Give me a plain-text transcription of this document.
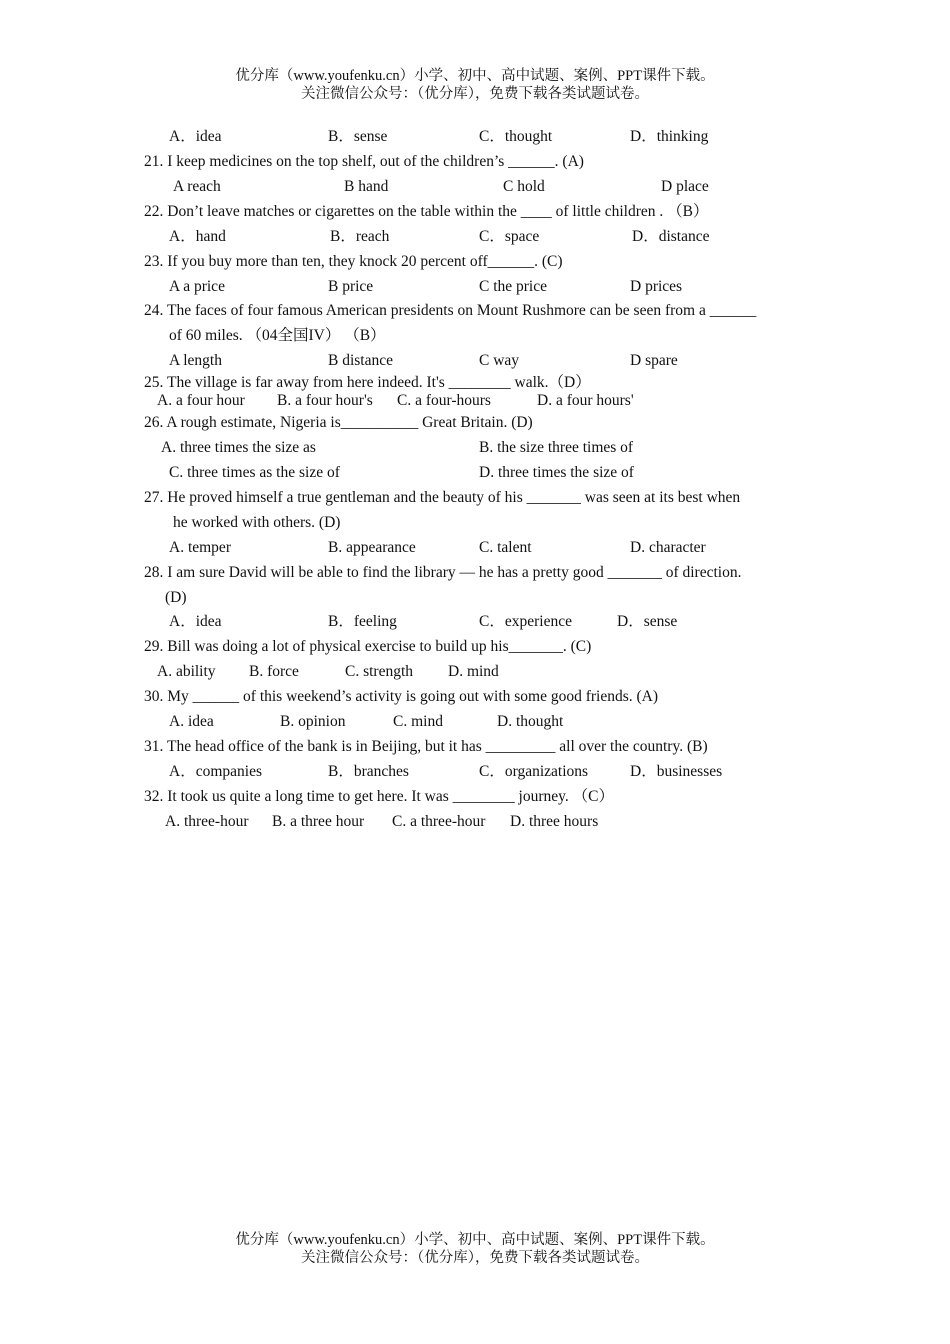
优分库（www.youfenku.cn）小学、初中、高中试题、案例、PPT课件下载。
关注微信公众号：（优分库），免费下载各类试题试卷。
A．idea	B．sense	C．thought	D．thinking
21. I keep medicines on the top shelf, out of the children’s ______. (A)
A reach	B hand	C hold	D place
22. Don’t leave matches or cigarettes on the table within the ____ of little children . （B）
A．hand	B．reach	C．space	D．distance
23. If you buy more than ten, they knock 20 percent off______. (C)
A a price	B price	C the price	D prices
24. The faces of four famous American presidents on Mount Rushmore can be seen from a ______
of 60 miles. （04全国IV） （B）
A length	B distance	C way	D spare
25. The village is far away from here indeed. It's ________ walk.（D）
A. a four hour B. a four hour's C. a four-hours	D. a four hours'
26. A rough estimate, Nigeria is__________ Great Britain. (D)
A. three times the size as	B. the size three times of
C. three times as the size of	D. three times the size of
27. He proved himself a true gentleman and the beauty of his _______ was seen at its best when
he worked with others. (D)
A. temper	B. appearance	C. talent	D. character
28. I am sure David will be able to find the library — he has a pretty good _______ of direction.
(D)
A．idea	B．feeling	C．experience	D．sense
29. Bill was doing a lot of physical exercise to build up his_______. (C)
A. ability B. force	C. strength D. mind
30. My ______ of this weekend’s activity is going out with some good friends. (A)
A. idea	B. opinion	C. mind	D. thought
31. The head office of the bank is in Beijing, but it has _________ all over the country. (B)
A．companies	B．branches	C．organizations	D．businesses
32. It took us quite a long time to get here. It was ________ journey. （C）
A. three-hour B. a three hour C. a three-hour D. three hours
优分库（www.youfenku.cn）小学、初中、高中试题、案例、PPT课件下载。
关注微信公众号：（优分库），免费下载各类试题试卷。
